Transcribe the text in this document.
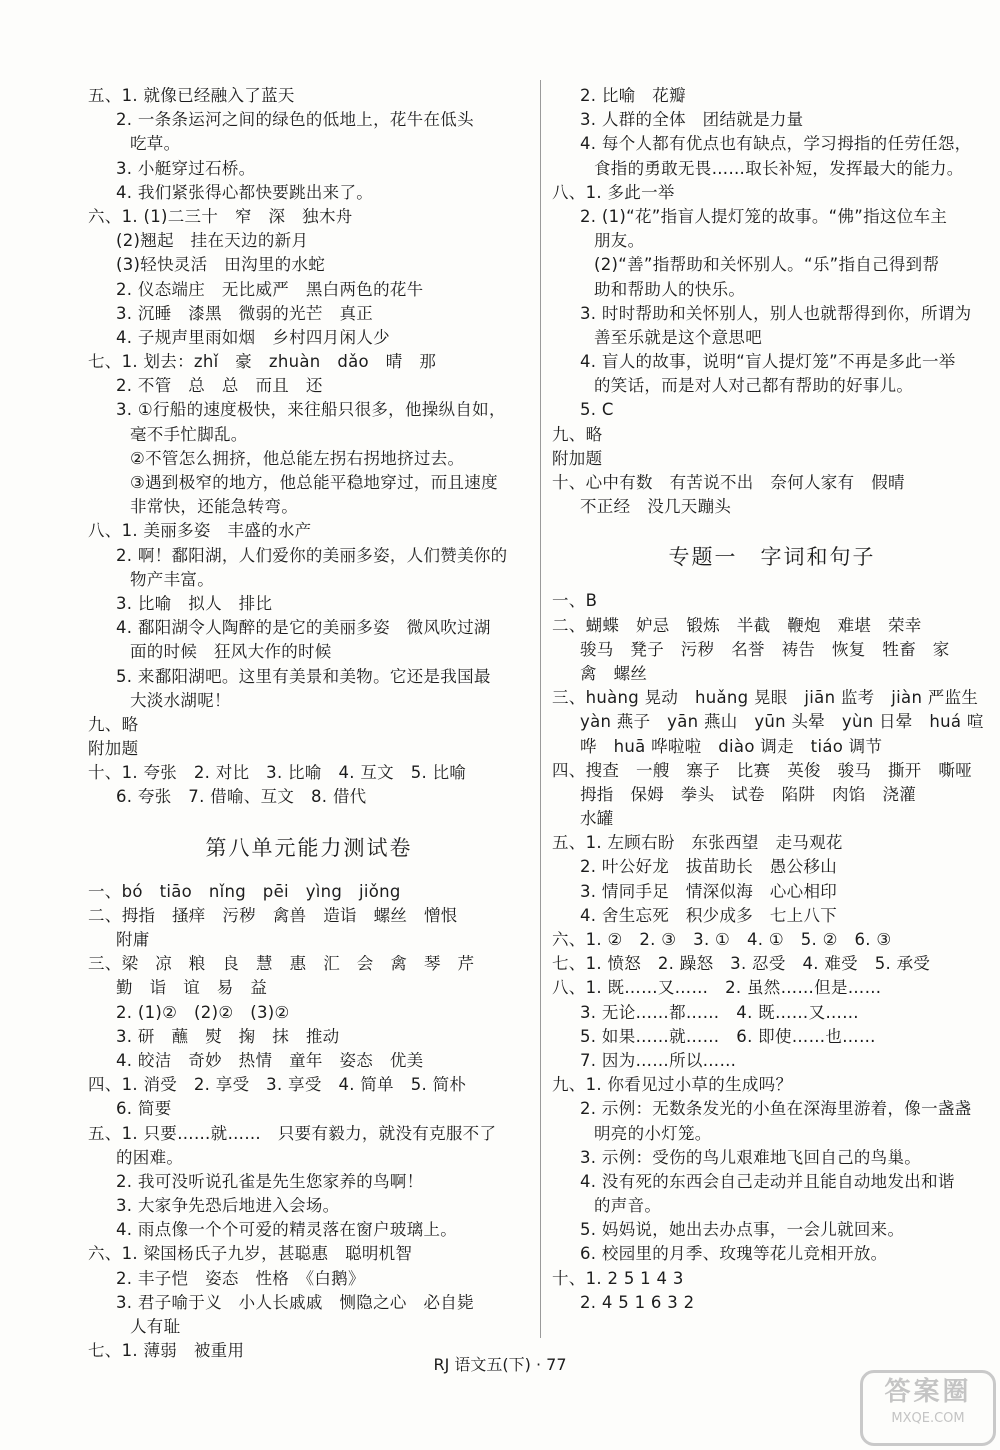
五、1. 就像已经融入了蓝天
2. 一条条运河之间的绿色的低地上，花牛在低头
吃草。
3. 小艇穿过石桥。
4. 我们紧张得心都快要跳出来了。
六、1. (1)二三十　窄　深　独木舟
(2)翘起　挂在天边的新月
(3)轻快灵活　田沟里的水蛇
2. 仪态端庄　无比威严　黑白两色的花牛
3. 沉睡　漆黑　微弱的光芒　真正
4. 子规声里雨如烟　乡村四月闲人少
七、1. 划去：zhǐ　豪　zhuàn　dǎo　晴　那
2. 不管　总　总　而且　还
3. ①行船的速度极快，来往船只很多，他操纵自如，
毫不手忙脚乱。
②不管怎么拥挤，他总能左拐右拐地挤过去。
③遇到极窄的地方，他总能平稳地穿过，而且速度
非常快，还能急转弯。
八、1. 美丽多姿　丰盛的水产
2. 啊！鄱阳湖，人们爱你的美丽多姿，人们赞美你的
物产丰富。
3. 比喻　拟人　排比
4. 鄱阳湖令人陶醉的是它的美丽多姿　微风吹过湖
面的时候　狂风大作的时候
5. 来鄱阳湖吧。这里有美景和美物。它还是我国最
大淡水湖呢！
九、略
附加题
十、1. 夸张　2. 对比　3. 比喻　4. 互文　5. 比喻
6. 夸张　7. 借喻、互文　8. 借代
第八单元能力测试卷
一、bó　tiāo　nǐng　pēi　yìng　jiǒng
二、拇指　搔痒　污秽　禽兽　造诣　螺丝　憎恨
附庸
三、梁　凉　粮　良　慧　惠　汇　会　禽　琴　芹
勤　诣　谊　易　益
2. (1)②　(2)②　(3)②
3. 研　蘸　熨　掬　抹　推动
4. 皎洁　奇妙　热情　童年　姿态　优美
四、1. 消受　2. 享受　3. 享受　4. 简单　5. 简朴
6. 简要
五、1. 只要……就……　只要有毅力，就没有克服不了
的困难。
2. 我可没听说孔雀是先生您家养的鸟啊！
3. 大家争先恐后地进入会场。
4. 雨点像一个个可爱的精灵落在窗户玻璃上。
六、1. 梁国杨氏子九岁，甚聪惠　聪明机智
2. 丰子恺　姿态　性格　《白鹅》
3. 君子喻于义　小人长戚戚　恻隐之心　必自毙
人有耻
七、1. 薄弱　被重用
2. 比喻　花瓣
3. 人群的全体　团结就是力量
4. 每个人都有优点也有缺点，学习拇指的任劳任怨，
食指的勇敢无畏……取长补短，发挥最大的能力。
八、1. 多此一举
2. (1)“花”指盲人提灯笼的故事。“佛”指这位车主
朋友。
(2)“善”指帮助和关怀别人。“乐”指自己得到帮
助和帮助人的快乐。
3. 时时帮助和关怀别人，别人也就帮得到你，所谓为
善至乐就是这个意思吧
4. 盲人的故事，说明“盲人提灯笼”不再是多此一举
的笑话，而是对人对己都有帮助的好事儿。
5. C
九、略
附加题
十、心中有数　有苦说不出　奈何人家有　假晴
不正经　没几天蹦头
专题一　字词和句子
一、B
二、蝴蝶　妒忌　锻炼　半截　鞭炮　难堪　荣幸
骏马　凳子　污秽　名誉　祷告　恢复　牲畜　家
禽　螺丝
三、huàng 晃动　huǎng 晃眼　jiān 监考　jiàn 严监生
yàn 燕子　yān 燕山　yūn 头晕　yùn 日晕　huá 喧
哗　huā 哗啦啦　diào 调走　tiáo 调节
四、搜查　一艘　寨子　比赛　英俊　骏马　撕开　嘶哑
拇指　保姆　拳头　试卷　陷阱　肉馅　浇灌
水罐
五、1. 左顾右盼　东张西望　走马观花
2. 叶公好龙　拔苗助长　愚公移山
3. 情同手足　情深似海　心心相印
4. 舍生忘死　积少成多　七上八下
六、1. ②　2. ③　3. ①　4. ①　5. ②　6. ③
七、1. 愤怒　2. 躁怒　3. 忍受　4. 难受　5. 承受
八、1. 既……又……　2. 虽然……但是……
3. 无论……都……　4. 既……又……
5. 如果……就……　6. 即使……也……
7. 因为……所以……
九、1. 你看见过小草的生成吗？
2. 示例：无数条发光的小鱼在深海里游着，像一盏盏
明亮的小灯笼。
3. 示例：受伤的鸟儿艰难地飞回自己的鸟巢。
4. 没有死的东西会自己走动并且能自动地发出和谐
的声音。
5. 妈妈说，她出去办点事，一会儿就回来。
6. 校园里的月季、玫瑰等花儿竞相开放。
十、1. 2 5 1 4 3
2. 4 5 1 6 3 2
RJ 语文五(下) · 77
答案圈
MXQE.COM
